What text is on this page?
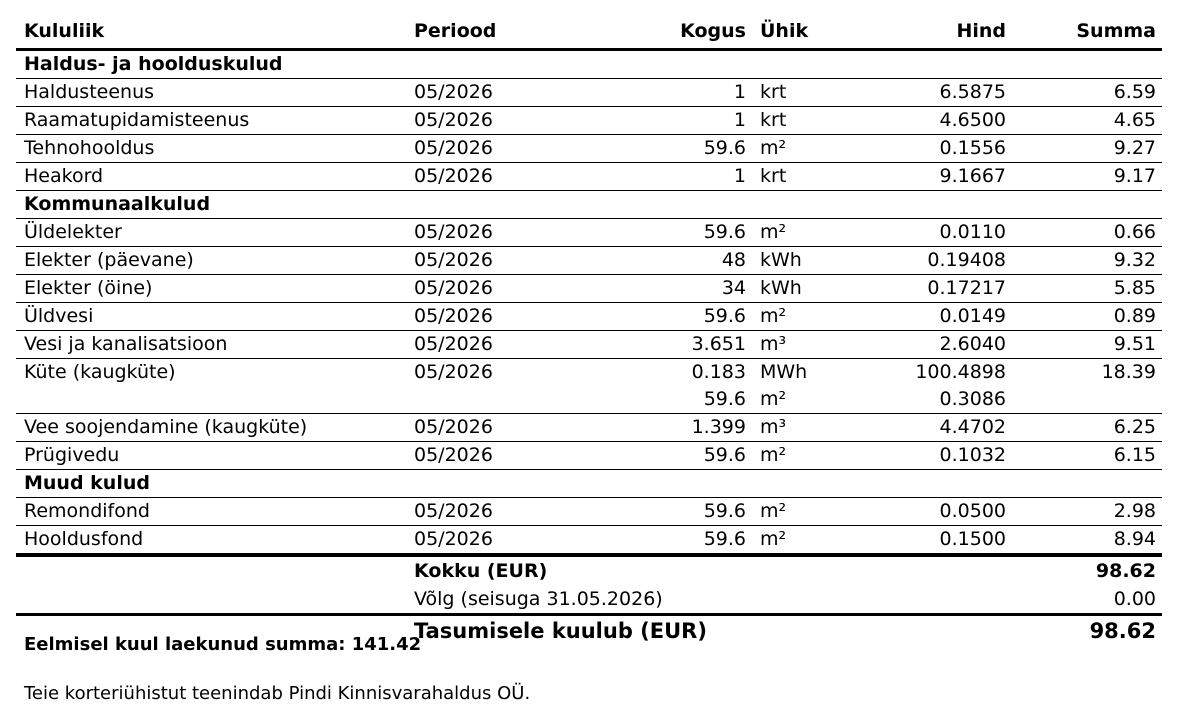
Kululiik	Periood	Kogus	Ühik	Hind	Summa
Haldus- ja hoolduskulud					
Haldusteenus	05/2026	1	krt	6.5875	6.59
Raamatupidamisteenus	05/2026	1	krt	4.6500	4.65
Tehnohooldus	05/2026	59.6	m²	0.1556	9.27
Heakord	05/2026	1	krt	9.1667	9.17
Kommunaalkulud					
Üldelekter	05/2026	59.6	m²	0.0110	0.66
Elekter (päevane)	05/2026	48	kWh	0.19408	9.32
Elekter (öine)	05/2026	34	kWh	0.17217	5.85
Üldvesi	05/2026	59.6	m²	0.0149	0.89
Vesi ja kanalisatsioon	05/2026	3.651	m³	2.6040	9.51
Küte (kaugküte)	05/2026	0.183	MWh	100.4898	18.39
		59.6	m²	0.3086	
Vee soojendamine (kaugküte)	05/2026	1.399	m³	4.4702	6.25
Prügivedu	05/2026	59.6	m²	0.1032	6.15
Muud kulud					
Remondifond	05/2026	59.6	m²	0.0500	2.98
Hooldusfond	05/2026	59.6	m²	0.1500	8.94
Kokku (EUR)	98.62
Võlg (seisuga 31.05.2026)	0.00
Tasumisele kuulub (EUR)	98.62
Eelmisel kuul laekunud summa: 141.42
Teie korteriühistut teenindab Pindi Kinnisvarahaldus OÜ.
